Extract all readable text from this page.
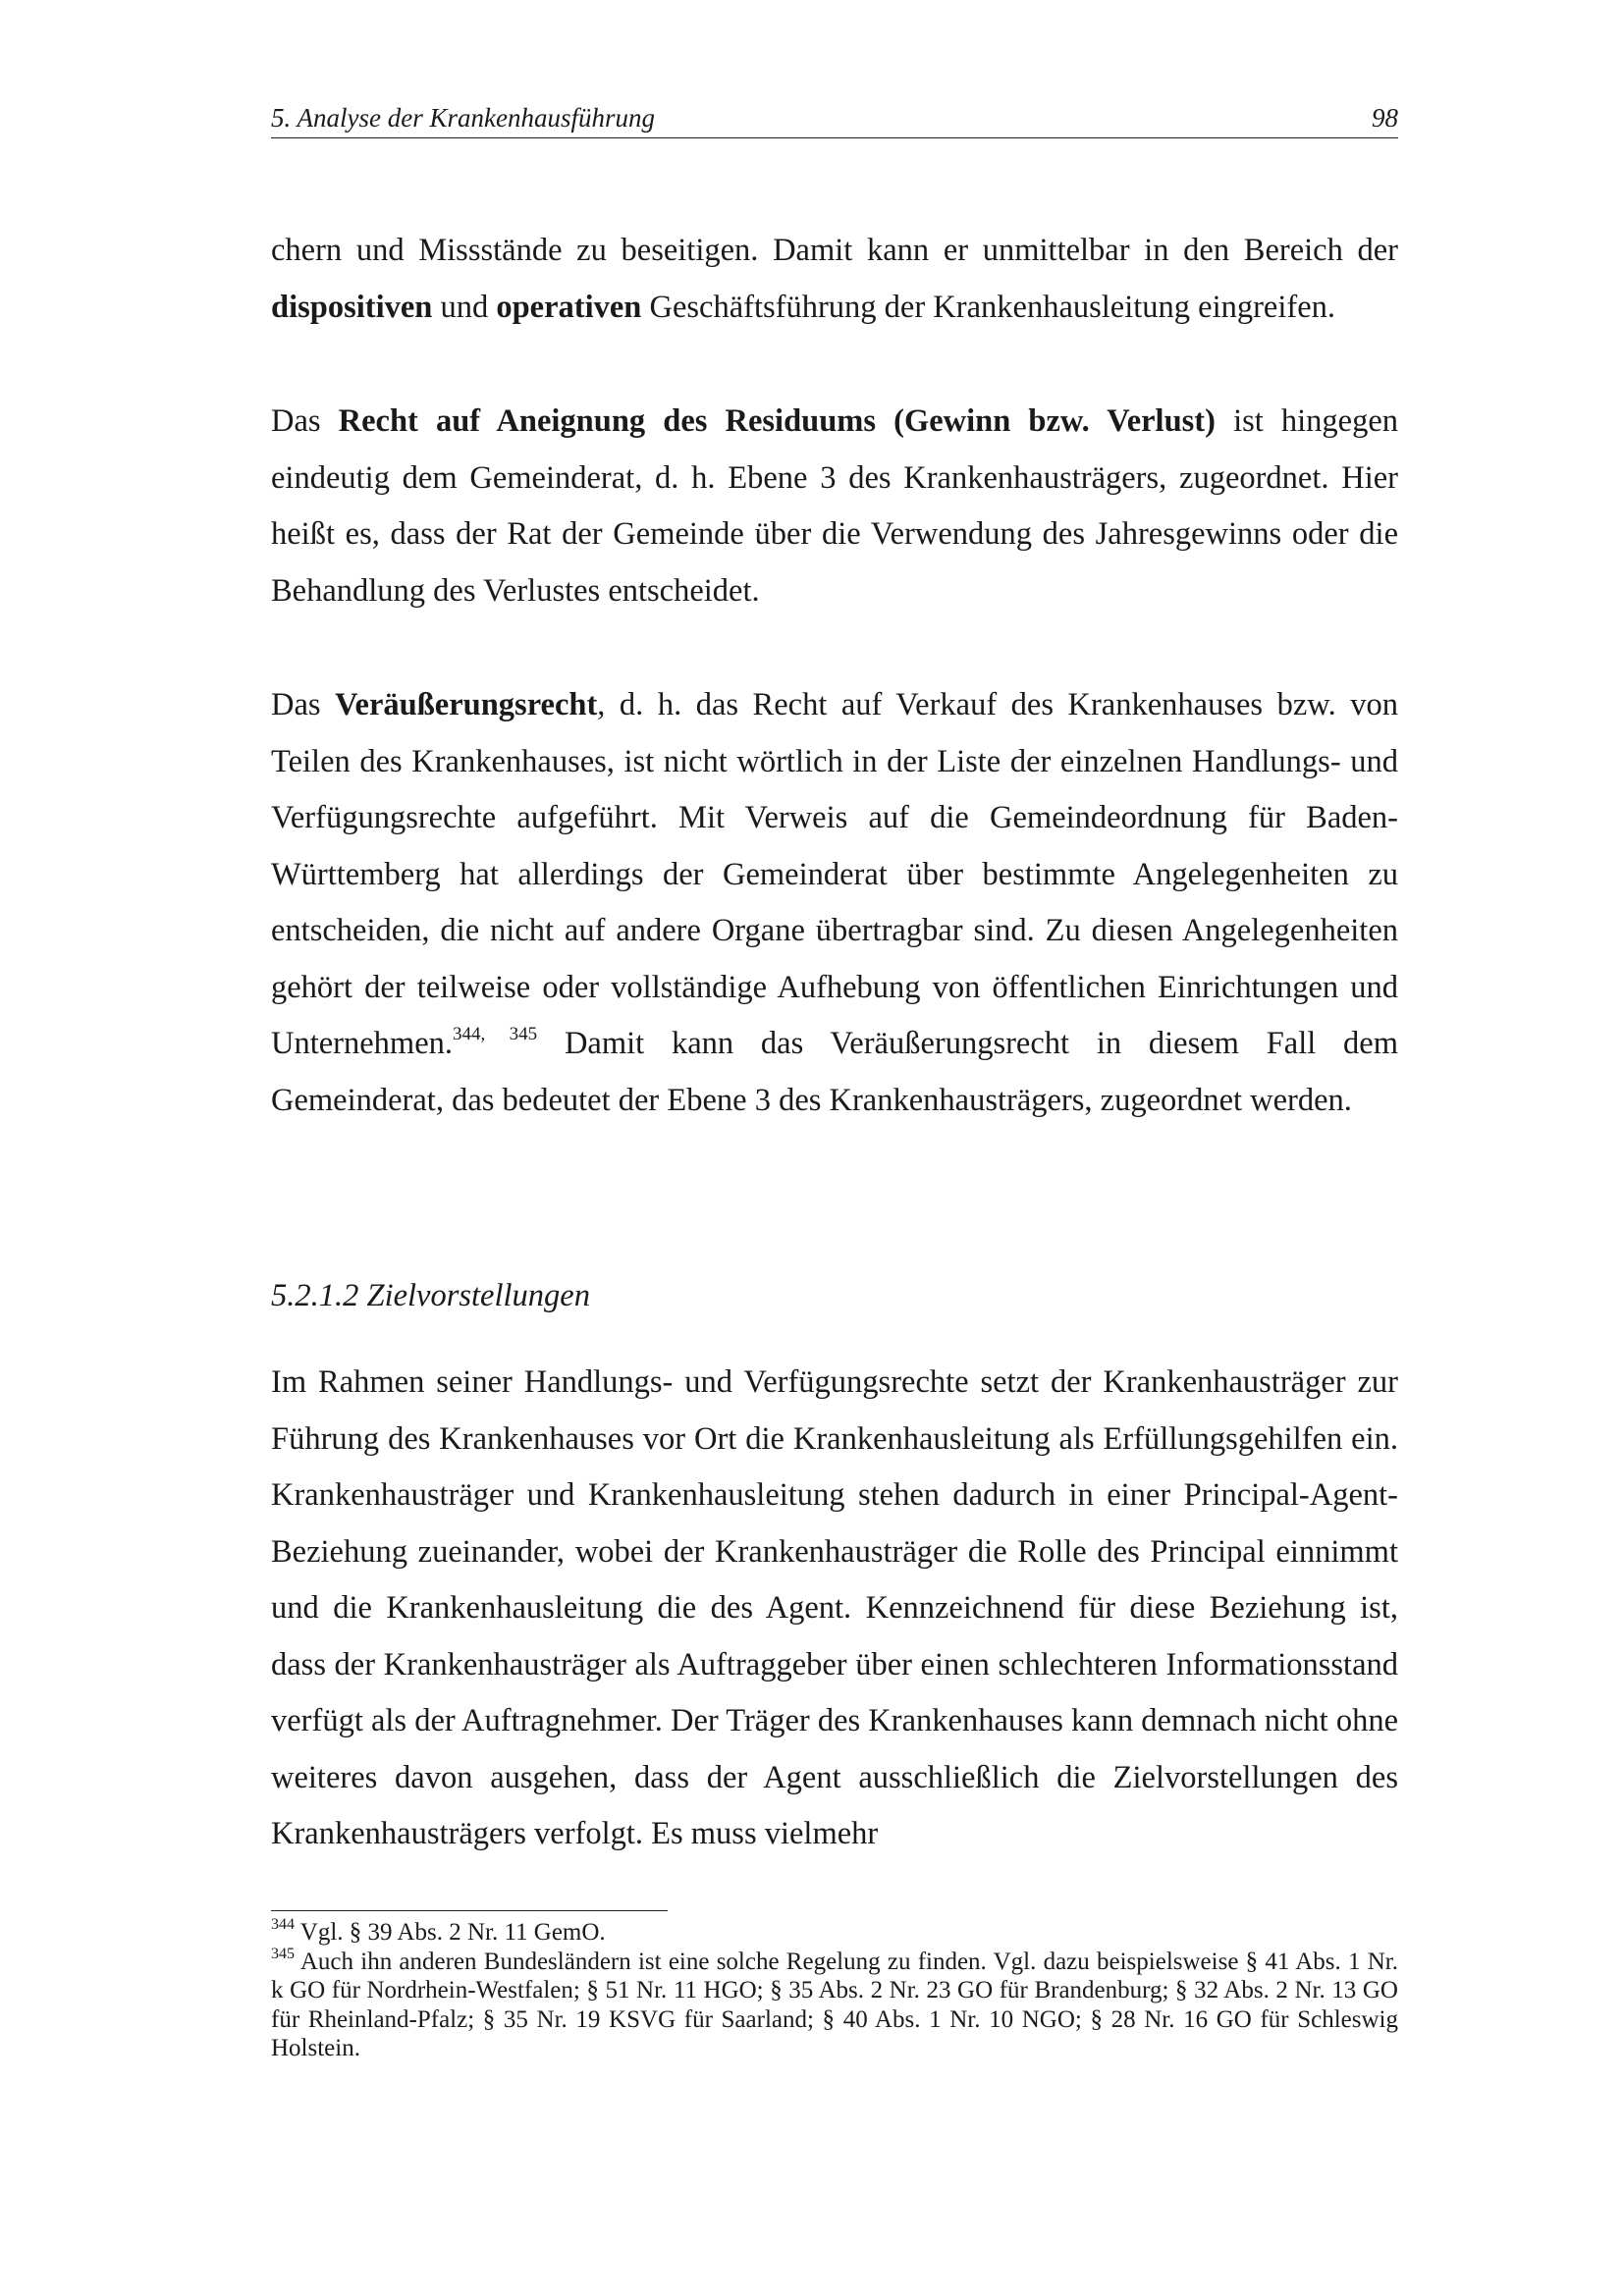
5. Analyse der Krankenhausführung	98

chern und Missstände zu beseitigen. Damit kann er unmittelbar in den Bereich der dispositiven und operativen Geschäftsführung der Krankenhausleitung eingreifen.

Das Recht auf Aneignung des Residuums (Gewinn bzw. Verlust) ist hingegen eindeutig dem Gemeinderat, d. h. Ebene 3 des Krankenhausträgers, zugeordnet. Hier heißt es, dass der Rat der Gemeinde über die Verwendung des Jahresgewinns oder die Behandlung des Verlustes entscheidet.

Das Veräußerungsrecht, d. h. das Recht auf Verkauf des Krankenhauses bzw. von Teilen des Krankenhauses, ist nicht wörtlich in der Liste der einzelnen Handlungs- und Verfügungsrechte aufgeführt. Mit Verweis auf die Gemeindeordnung für Baden-Württemberg hat allerdings der Gemeinderat über bestimmte Angelegenheiten zu entscheiden, die nicht auf andere Organe übertragbar sind. Zu diesen Angelegenheiten gehört der teilweise oder vollständige Aufhebung von öffentlichen Einrichtungen und Unternehmen.$^{344, 345}$ Damit kann das Veräußerungsrecht in diesem Fall dem Gemeinderat, das bedeutet der Ebene 3 des Krankenhausträgers, zugeordnet werden.

5.2.1.2 Zielvorstellungen

Im Rahmen seiner Handlungs- und Verfügungsrechte setzt der Krankenhausträger zur Führung des Krankenhauses vor Ort die Krankenhausleitung als Erfüllungsgehilfen ein. Krankenhausträger und Krankenhausleitung stehen dadurch in einer Principal-Agent-Beziehung zueinander, wobei der Krankenhausträger die Rolle des Principal einnimmt und die Krankenhausleitung die des Agent. Kennzeichnend für diese Beziehung ist, dass der Krankenhausträger als Auftraggeber über einen schlechteren Informationsstand verfügt als der Auftragnehmer. Der Träger des Krankenhauses kann demnach nicht ohne weiteres davon ausgehen, dass der Agent ausschließlich die Zielvorstellungen des Krankenhausträgers verfolgt. Es muss vielmehr

$^{344}$ Vgl. § 39 Abs. 2 Nr. 11 GemO.

$^{345}$ Auch ihn anderen Bundesländern ist eine solche Regelung zu finden. Vgl. dazu beispielsweise § 41 Abs. 1 Nr. k GO für Nordrhein-Westfalen; § 51 Nr. 11 HGO; § 35 Abs. 2 Nr. 23 GO für Brandenburg; § 32 Abs. 2 Nr. 13 GO für Rheinland-Pfalz; § 35 Nr. 19 KSVG für Saarland; § 40 Abs. 1 Nr. 10 NGO; § 28 Nr. 16 GO für Schleswig Holstein.
